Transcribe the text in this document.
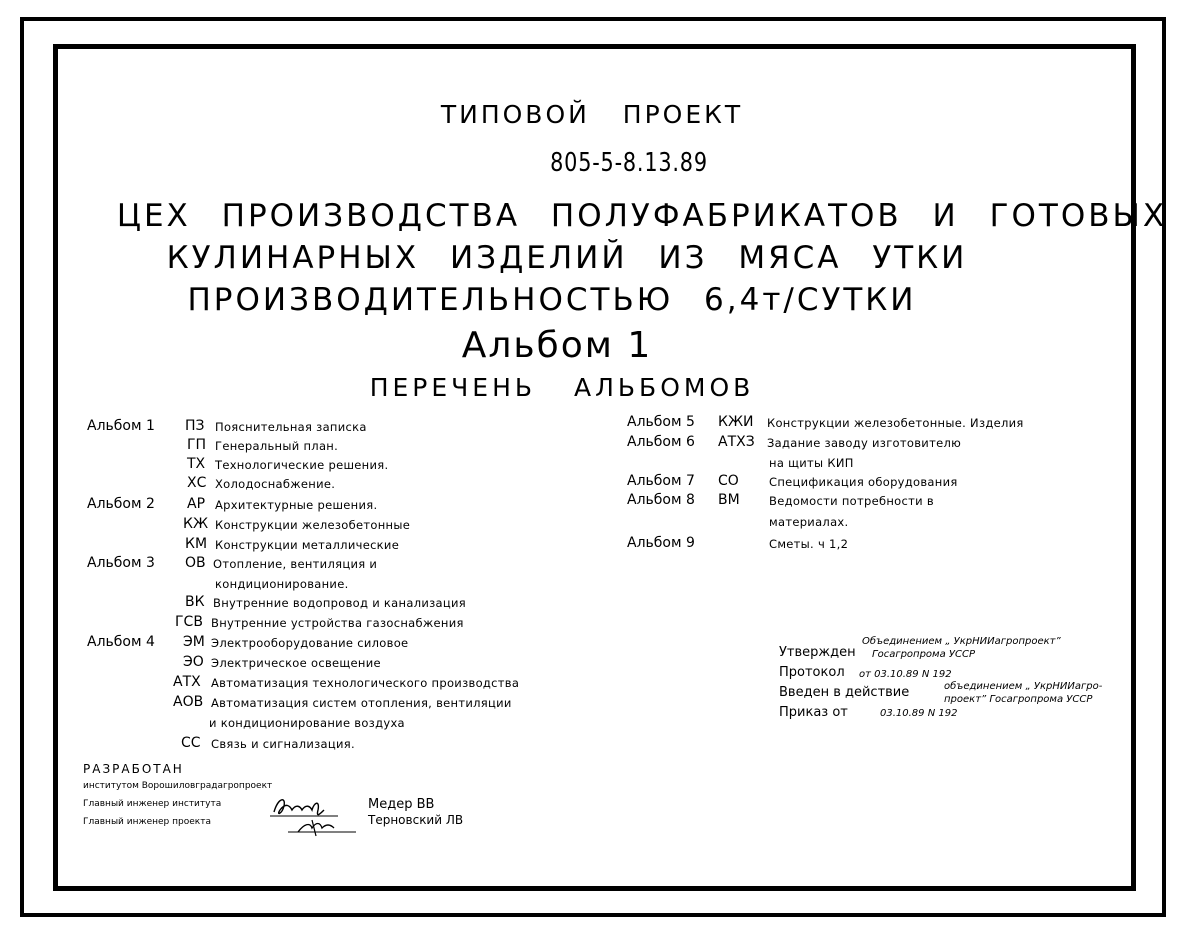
ТИПОВОЙ ПРОЕКТ
805-5-8.13.89
ЦЕХ ПРОИЗВОДСТВА ПОЛУФАБРИКАТОВ И ГОТОВЫХ
КУЛИНАРНЫХ ИЗДЕЛИЙ ИЗ МЯСА УТКИ
ПРОИЗВОДИТЕЛЬНОСТЬЮ 6,4т/СУТКИ
Альбом 1
ПЕРЕЧЕНЬ АЛЬБОМОВ
Альбом 1 ПЗ Пояснительная записка
ГП Генеральный план.
ТХ Технологические решения.
ХС Холодоснабжение.
Альбом 2 АР Архитектурные решения.
КЖ Конструкции железобетонные
КМ Конструкции металлические
Альбом 3 ОВ Отопление, вентиляция и
кондиционирование.
ВК Внутренние водопровод и канализация
ГСВ Внутренние устройства газоснабжения
Альбом 4 ЭМ Электрооборудование силовое
ЭО Электрическое освещение
АТХ Автоматизация технологического производства
АОВ Автоматизация систем отопления, вентиляции
и кондиционирование воздуха
СС Связь и сигнализация.
Альбом 5 КЖИ Конструкции железобетонные. Изделия
Альбом 6 АТХЗ Задание заводу изготовителю
на щиты КИП
Альбом 7 СО	Спецификация оборудования
Альбом 8 ВМ	Ведомости потребности в
материалах.
Альбом 9	Сметы. ч 1,2
Утвержден
Объединением „ УкрНИИагропроект”
Госагропрома УССР
Протокол от 03.10.89 N 192
Введен в действие	объединением „ УкрНИИагро-
проект” Госагропрома УССР
Приказ от	03.10.89 N 192
РАЗРАБОТАН
институтом Ворошиловградагропроект
Главный инженер института	Медер ВВ
Главный инженер проекта	Терновский ЛВ
